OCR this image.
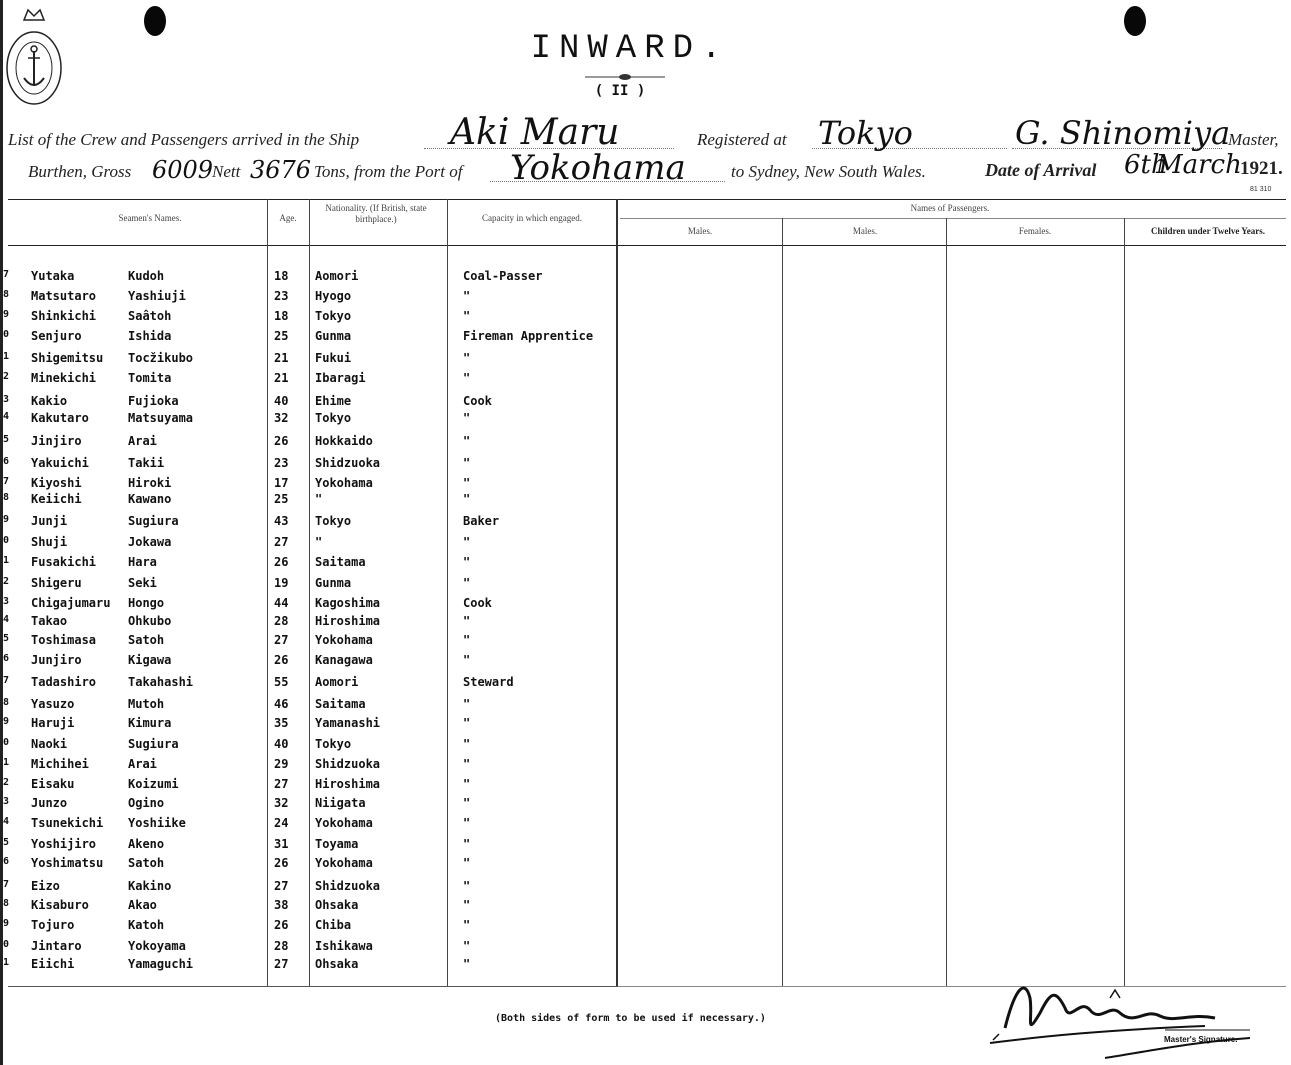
INWARD.
( II )
List of the Crew and Passengers arrived in the Ship	Aki Maru	Registered at Tokyo	G. Shinomiya
Master,
Burthen, Gross 6009
Nett 3676 Tons, from the Port of Yokohama	to Sydney, New South Wales.	Date of Arrival 6th
March
1921.
81 310
Seamen's Names.	Age.
Nationality. (If British, state birthplace.)	Capacity in which engaged.
Names of Passengers.
Males.	Males.	Females.	Children under Twelve Years.
7 Yutaka	Kudoh	18 Aomori	Coal-Passer
8 Matsutaro	Yashiuji	23 Hyogo	"
9 Shinkichi	Saâtoh	18 Tokyo	"
0 Senjuro	Ishida	25 Gunma	Fireman Apprentice
1 Shigemitsu Tocžikubo	21 Fukui	"
2 Minekichi	Tomita	21 Ibaragi	"
3 Kakio	Fujioka	40 Ehime	Cook
4 Kakutaro	Matsuyama	32 Tokyo	"
5 Jinjiro	Arai	26 Hokkaido	"
6 Yakuichi	Takii	23 Shidzuoka	"
7 Kiyoshi	Hiroki	17 Yokohama	"
8 Keiichi	Kawano	25 "	"
9 Junji	Sugiura	43 Tokyo	Baker
0 Shuji	Jokawa	27 "	"
1 Fusakichi	Hara	26 Saitama	"
2 Shigeru	Seki	19 Gunma	"
3 Chigajumaru Hongo	44 Kagoshima	Cook
4 Takao	Ohkubo	28 Hiroshima	"
5 Toshimasa	Satoh	27 Yokohama	"
6 Junjiro	Kigawa	26 Kanagawa	"
7 Tadashiro	Takahashi	55 Aomori	Steward
8 Yasuzo	Mutoh	46 Saitama	"
9 Haruji	Kimura	35 Yamanashi	"
0 Naoki	Sugiura	40 Tokyo	"
1 Michihei	Arai	29 Shidzuoka	"
2 Eisaku	Koizumi	27 Hiroshima	"
3 Junzo	Ogino	32 Niigata	"
4 Tsunekichi Yoshiike	24 Yokohama	"
5 Yoshijiro	Akeno	31 Toyama	"
6 Yoshimatsu Satoh	26 Yokohama	"
7 Eizo	Kakino	27 Shidzuoka	"
8 Kisaburo	Akao	38 Ohsaka	"
9 Tojuro	Katoh	26 Chiba	"
0 Jintaro	Yokoyama	28 Ishikawa	"
1 Eiichi	Yamaguchi	27 Ohsaka	"
(Both sides of form to be used if necessary.)
Master's Signature.
